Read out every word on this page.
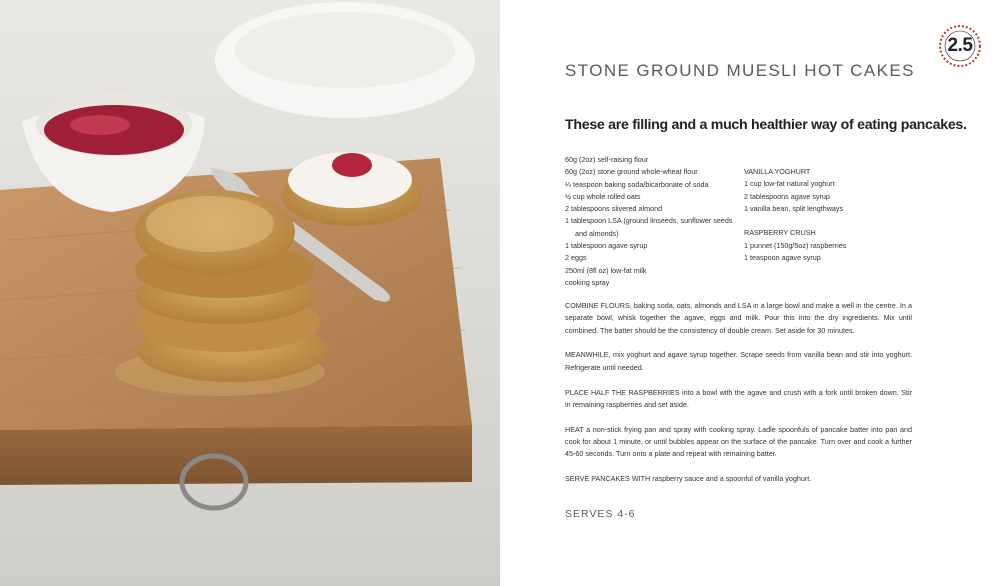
2.5
STONE GROUND MUESLI HOT CAKES
These are filling and a much healthier way of eating pancakes.
60g (2oz) self-raising flour
60g (2oz) stone ground whole-wheat flour
¼ teaspoon baking soda/bicarbonate of soda
½ cup whole rolled oats
2 tablespoons slivered almond
1 tablespoon LSA (ground linseeds, sunflower seeds
and almonds)
1 tablespoon agave syrup
2 eggs
250ml (8fl oz) low-fat milk
cooking spray
VANILLA YOGHURT
1 cup low-fat natural yoghurt
2 tablespoons agave syrup
1 vanilla bean, split lengthways
RASPBERRY CRUSH
1 punnet (150g/5oz) raspberries
1 teaspoon agave syrup

COMBINE FLOURS, baking soda, oats, almonds and LSA in a large bowl and make a well in the centre. In a separate bowl, whisk together the agave, eggs and milk. Pour this into the dry ingredients. Mix until combined. The batter should be the consistency of double cream. Set aside for 30 minutes.

MEANWHILE, mix yoghurt and agave syrup together. Scrape seeds from vanilla bean and stir into yoghurt. Refrigerate until needed.

PLACE HALF THE RASPBERRIES into a bowl with the agave and crush with a fork until broken down. Stir in remaining raspberries and set aside.

HEAT a non-stick frying pan and spray with cooking spray. Ladle spoonfuls of pancake batter into pan and cook for about 1 minute, or until bubbles appear on the surface of the pancake. Turn over and cook a further 45-60 seconds. Turn onto a plate and repeat with remaining batter.

SERVE PANCAKES WITH raspberry sauce and a spoonful of vanilla yoghurt.

SERVES 4-6
